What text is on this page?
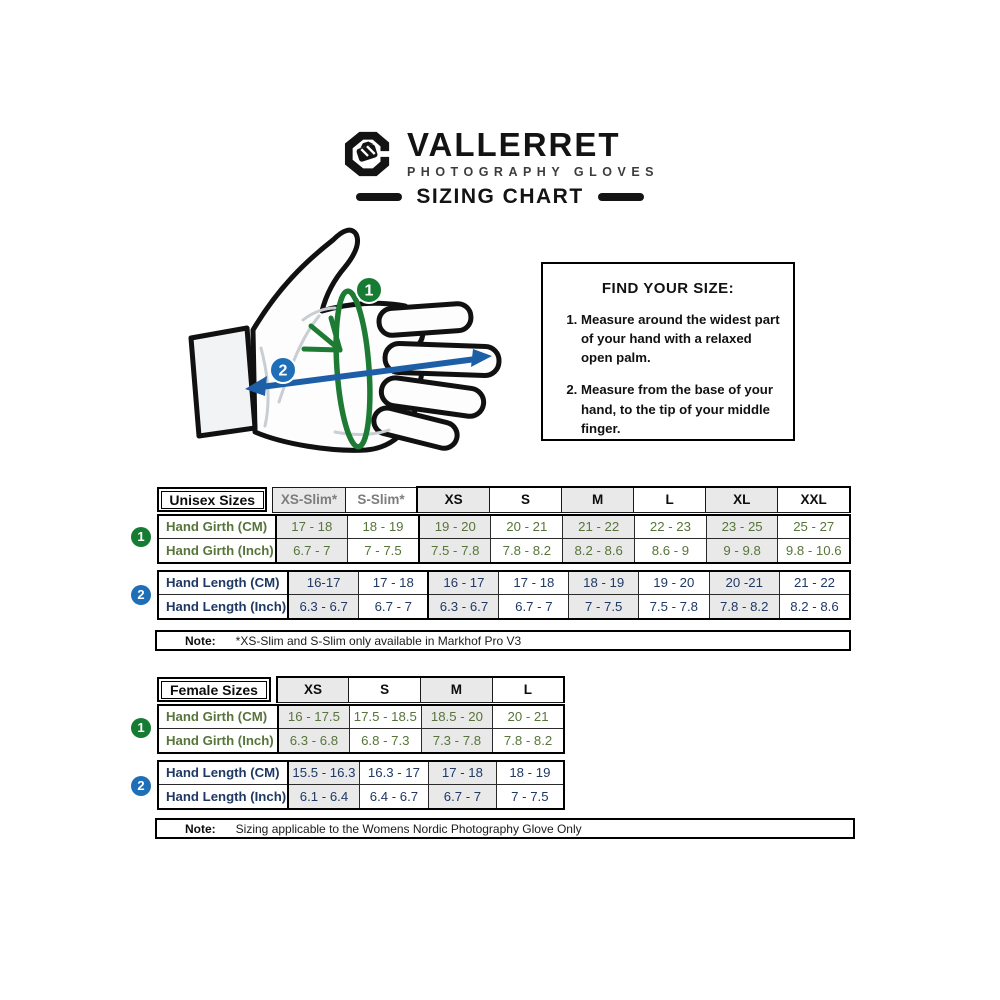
VALLERRET
PHOTOGRAPHY GLOVES
SIZING CHART
1
2
FIND YOUR SIZE:
1. Measure around the widest part of your hand with a relaxed open palm.
2. Measure from the base of your hand, to the tip of your middle finger.
Unisex Sizes	XS-Slim*	S-Slim*	XS	S	M	L	XL	XXL
Hand Girth (CM)	17 - 18	18 - 19	19 - 20	20 - 21	21 - 22	22 - 23	23 - 25	25 - 27
Hand Girth (Inch)	6.7 - 7	7 - 7.5	7.5 - 7.8	7.8 - 8.2	8.2 - 8.6	8.6 - 9	9 - 9.8	9.8 - 10.6
Hand Length (CM)	16-17	17 - 18	16 - 17	17 - 18	18 - 19	19 - 20	20 -21	21 - 22
Hand Length (Inch)	6.3 - 6.7	6.7 - 7	6.3 - 6.7	6.7 - 7	7 - 7.5	7.5 - 7.8	7.8 - 8.2	8.2 - 8.6
1
2
Note: *XS-Slim and S-Slim only available in Markhof Pro V3
Female Sizes	XS	S	M	L
Hand Girth (CM)	16 - 17.5	17.5 - 18.5	18.5 - 20	20 - 21
Hand Girth (Inch)	6.3 - 6.8	6.8 - 7.3	7.3 - 7.8	7.8 - 8.2
Hand Length (CM)	15.5 - 16.3	16.3 - 17	17 - 18	18 - 19
Hand Length (Inch)	6.1 - 6.4	6.4 - 6.7	6.7 - 7	7 - 7.5
1
2
Note: Sizing applicable to the Womens Nordic Photography Glove Only
